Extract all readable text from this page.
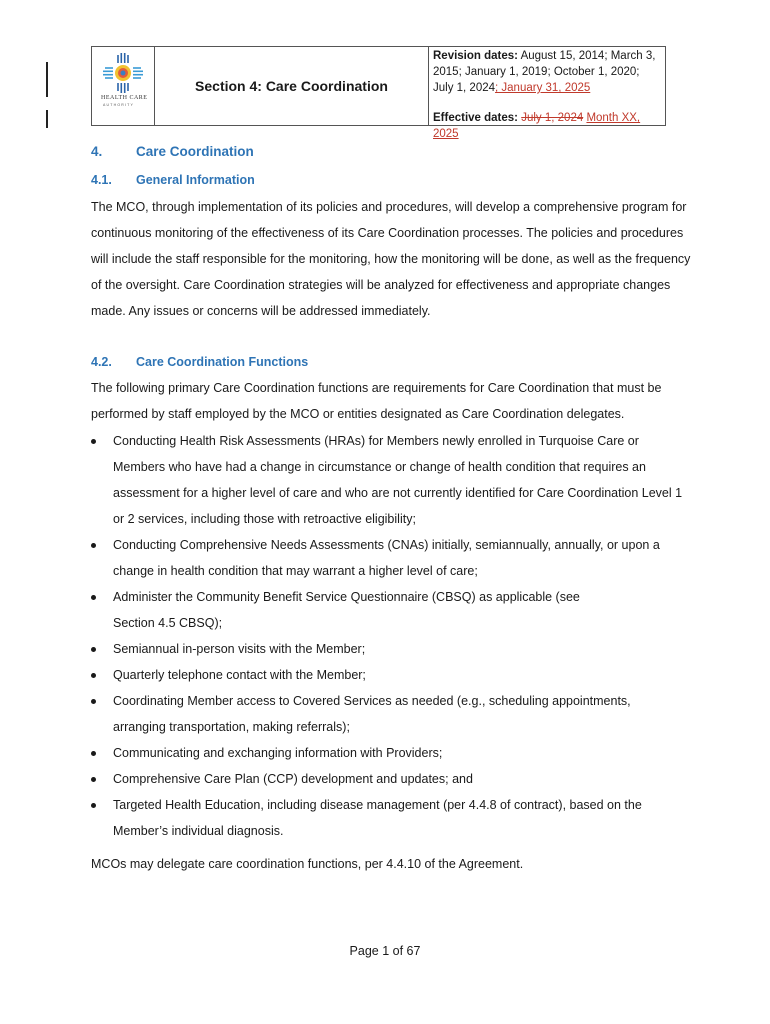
HEALTH CARE
AUTHORITY
Section 4: Care Coordination
Revision dates: August 15, 2014; March 3, 2015; January 1, 2019; October 1, 2020; July 1, 2024; January 31, 2025
Effective dates: July 1, 2024 Month XX, 2025
4. Care Coordination
4.1. General Information
The MCO, through implementation of its policies and procedures, will develop a comprehensive program for continuous monitoring of the effectiveness of its Care Coordination processes. The policies and procedures will include the staff responsible for the monitoring, how the monitoring will be done, as well as the frequency of the oversight. Care Coordination strategies will be analyzed for effectiveness and appropriate changes made. Any issues or concerns will be addressed immediately.
4.2. Care Coordination Functions
The following primary Care Coordination functions are requirements for Care Coordination that must be performed by staff employed by the MCO or entities designated as Care Coordination delegates.
Conducting Health Risk Assessments (HRAs) for Members newly enrolled in Turquoise Care or Members who have had a change in circumstance or change of health condition that requires an assessment for a higher level of care and who are not currently identified for Care Coordination Level 1 or 2 services, including those with retroactive eligibility;
Conducting Comprehensive Needs Assessments (CNAs) initially, semiannually, annually, or upon a change in health condition that may warrant a higher level of care;
Administer the Community Benefit Service Questionnaire (CBSQ) as applicable (see Section 4.5 CBSQ);
Semiannual in-person visits with the Member;
Quarterly telephone contact with the Member;
Coordinating Member access to Covered Services as needed (e.g., scheduling appointments, arranging transportation, making referrals);
Communicating and exchanging information with Providers;
Comprehensive Care Plan (CCP) development and updates; and
Targeted Health Education, including disease management (per 4.4.8 of contract), based on the Member’s individual diagnosis.
MCOs may delegate care coordination functions, per 4.4.10 of the Agreement.
Page 1 of 67
